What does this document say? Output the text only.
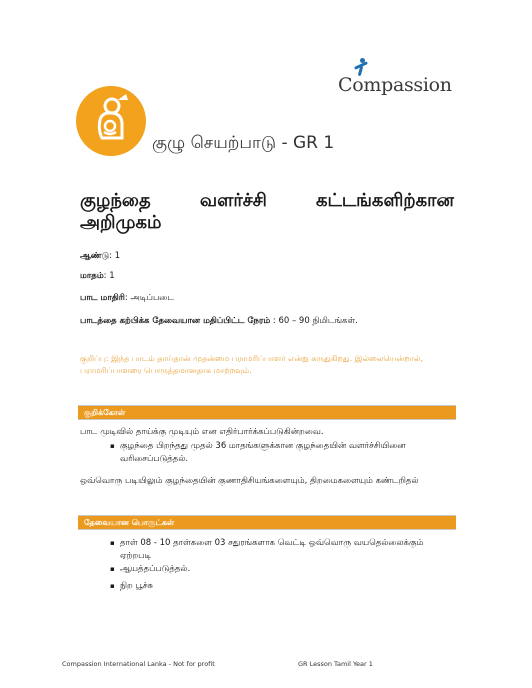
Compassion
குழு செயற்பாடு - GR 1
குழந்தை	வளர்ச்சி	கட்டங்களிற்கான
அறிமுகம்
ஆண்டு: 1
மாதம்: 1
பாட மாதிரி: அடிப்படை
பாடத்தை கற்பிக்க தேவையான மதிப்பிட்ட நேரம் : 60 – 90 நிமிடங்கள்.
குறிப்பு: இந்த பாடம் தாய்தான் முதன்மை பராமரிப்பாளர் என்று கருதுகிறது. இல்லையென்றால்,
பராமரிப்பாளரை பொருத்தமானதாக மாற்றவும்.
குறிக்கோள்
பாட முடிவில் தாய்க்கு முடியும் என எதிர்பார்க்கப்படுகின்றவை.
▪ குழந்தை பிறந்தது முதல் 36 மாதங்களுக்கான குழந்தையின் வளர்ச்சியினை
வரிசைப்படுத்தல்.
ஒவ்வொரு படியிலும் குழந்தையின் குணாதிசியங்களையும், திறமைகளையும் கண்டறிதல்
தேவையான பொருட்கள்
▪ தாள் 08 - 10 தாள்களை 03 சதுரங்களாக வெட்டி ஒவ்வொரு வயதெல்லைக்கும்
ஏற்றபடி
▪ ஆயத்தப்படுத்தல்.
▪ நிற பூச்சு
Compassion International Lanka - Not for profit	GR Lesson Tamil Year 1
